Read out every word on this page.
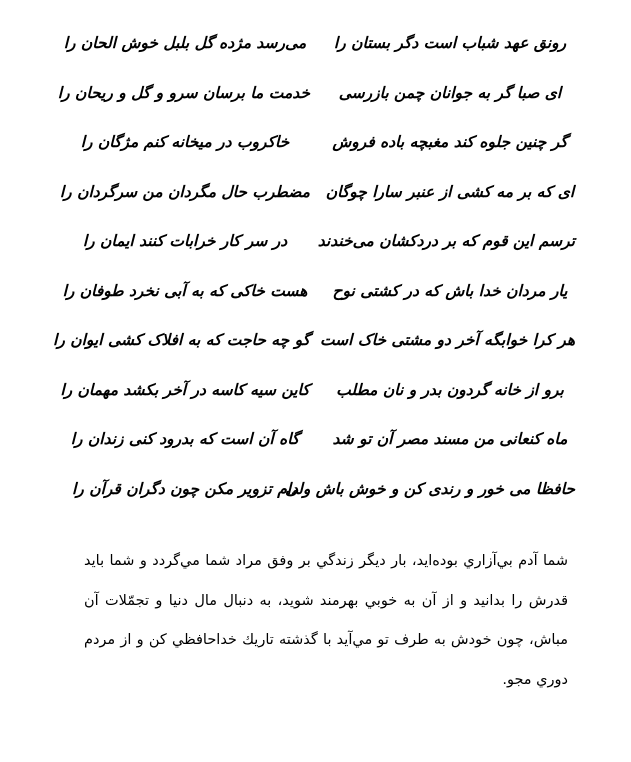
رونق عهد شباب است دگر بستان را
می‌رسد مژده گل بلبل خوش الحان را
ای صبا گر به جوانان چمن بازرسی
خدمت ما برسان سرو و گل و ریحان را
گر چنین جلوه کند مغبچه باده فروش
خاکروب در میخانه کنم مژگان را
ای که بر مه کشی از عنبر سارا چوگان
مضطرب حال مگردان من سرگردان را
ترسم این قوم که بر دردکشان می‌خندند
در سر کار خرابات کنند ایمان را
یار مردان خدا باش که در کشتی نوح
هست خاکی که به آبی نخرد طوفان را
هر کرا خوابگه آخر دو مشتی خاک است
گو چه حاجت که به افلاک کشی ایوان را
برو از خانه گردون بدر و نان مطلب
کاین سیه کاسه در آخر بکشد مهمان را
ماه کنعانی من مسند مصر آن تو شد
گاه آن است که بدرود کنی زندان را
حافظا می خور و رندی کن و خوش باش ولی
دام تزویر مکن چون دگران قرآن را
شما آدم بي‌آزاري بوده‌ايد، بار ديگر زندگي بر وفق مراد شما مي‌گردد و شما بايد قدرش را بدانيد و از آن به خوبي بهرمند شويد، به دنبال مال دنيا و تجمّلات آن مباش، چون خودش به طرف تو مي‌آيد با گذشته تاريك خداحافظي كن و از مردم دوري مجو.
